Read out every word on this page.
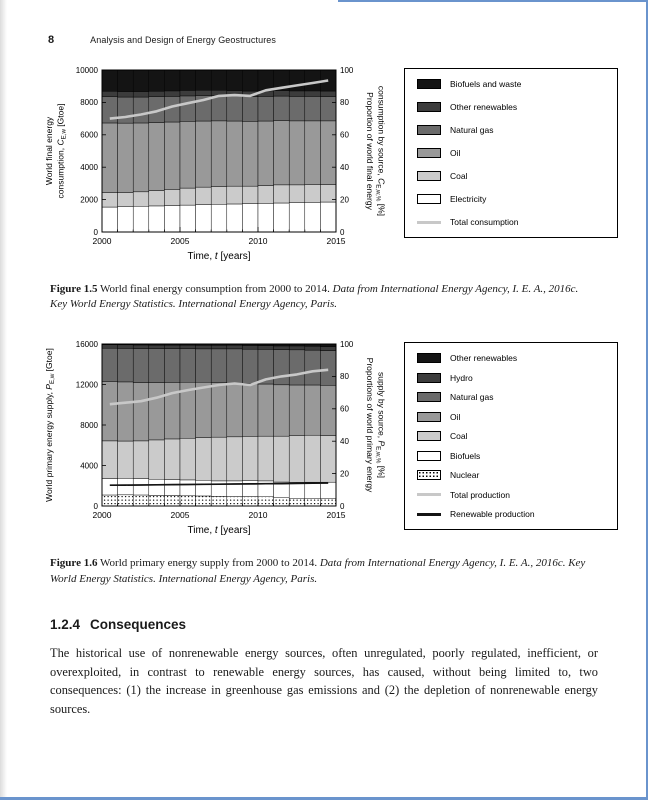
8	Analysis and Design of Energy Geostructures
0
2000
4000
6000
8000
10000
0
20
40
60
80
100
2000	2005	2010	2015
World final energy consumption, $C_{E,w}$ [Gtoe]	Proportion of world final energy consumption by source, $C_{E,w,\%}$ [%]
Time, t [years]
Biofuels and waste
Other renewables
Natural gas
Oil
Coal
Electricity
Total consumption

Figure 1.5 World final energy consumption from 2000 to 2014. Data from International Energy Agency, I. E. A., 2016c. Key World Energy Statistics. International Energy Agency, Paris.

0
4000
8000
12000
16000
0
20
40
60
80
100
2000	2005	2010	2015
World primary energy supply, $P_{E,w}$ [Gtoe]	Proportions of world primary energy supply by source, $P_{E,w,\%}$ [%]
Time, t [years]
Other renewables
Hydro
Natural gas
Oil
Coal
Biofuels
Nuclear
Total production
Renewable production

Figure 1.6 World primary energy supply from 2000 to 2014. Data from International Energy Agency, I. E. A., 2016c. Key World Energy Statistics. International Energy Agency, Paris.

1.2.4 Consequences

The historical use of nonrenewable energy sources, often unregulated, poorly regulated, inefficient, or overexploited, in contrast to renewable energy sources, has caused, without being limited to, two consequences: (1) the increase in greenhouse gas emissions and (2) the depletion of nonrenewable energy sources.
